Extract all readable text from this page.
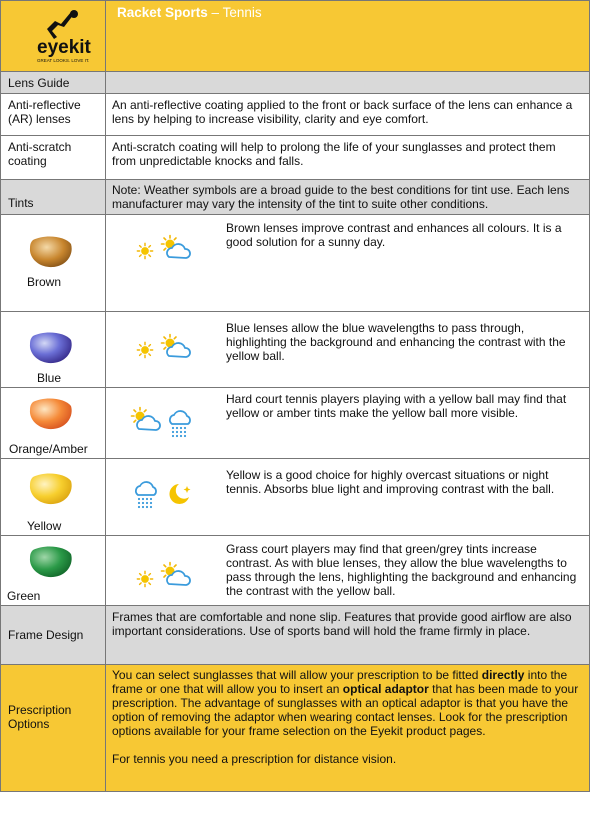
eyekit
GREAT LOOKS. LOVE IT.	Racket Sports – Tennis

Lens Guide	
Anti-reflective (AR) lenses	An anti-reflective coating applied to the front or back surface of the lens can enhance a lens by helping to increase visibility, clarity and eye comfort.
Anti-scratch coating	Anti-scratch coating will help to prolong the life of your sunglasses and protect them from unpredictable knocks and falls.
Tints	Note: Weather symbols are a broad guide to the best conditions for tint use. Each lens manufacturer may vary the intensity of the tint to suite other conditions.

Brown	Brown lenses improve contrast and enhances all colours. It is a good solution for a sunny day.

Blue	Blue lenses allow the blue wavelengths to pass through, highlighting the background and enhancing the contrast with the yellow ball.

Orange/Amber	Hard court tennis players playing with a yellow ball may find that yellow or amber tints make the yellow ball more visible.

Yellow	Yellow is a good choice for highly overcast situations or night tennis. Absorbs blue light and improving contrast with the ball.

Green	Grass court players may find that green/grey tints increase contrast. As with blue lenses, they allow the blue wavelengths to pass through the lens, highlighting the background and enhancing the contrast with the yellow ball.

Frame Design	Frames that are comfortable and none slip. Features that provide good airflow are also important considerations. Use of sports band will hold the frame firmly in place.
Prescription Options	You can select sunglasses that will allow your prescription to be fitted directly into the frame or one that will allow you to insert an optical adaptor that has been made to your prescription. The advantage of sunglasses with an optical adaptor is that you have the option of removing the adaptor when wearing contact lenses. Look for the prescription options available for your frame selection on the Eyekit product pages.
For tennis you need a prescription for distance vision.
